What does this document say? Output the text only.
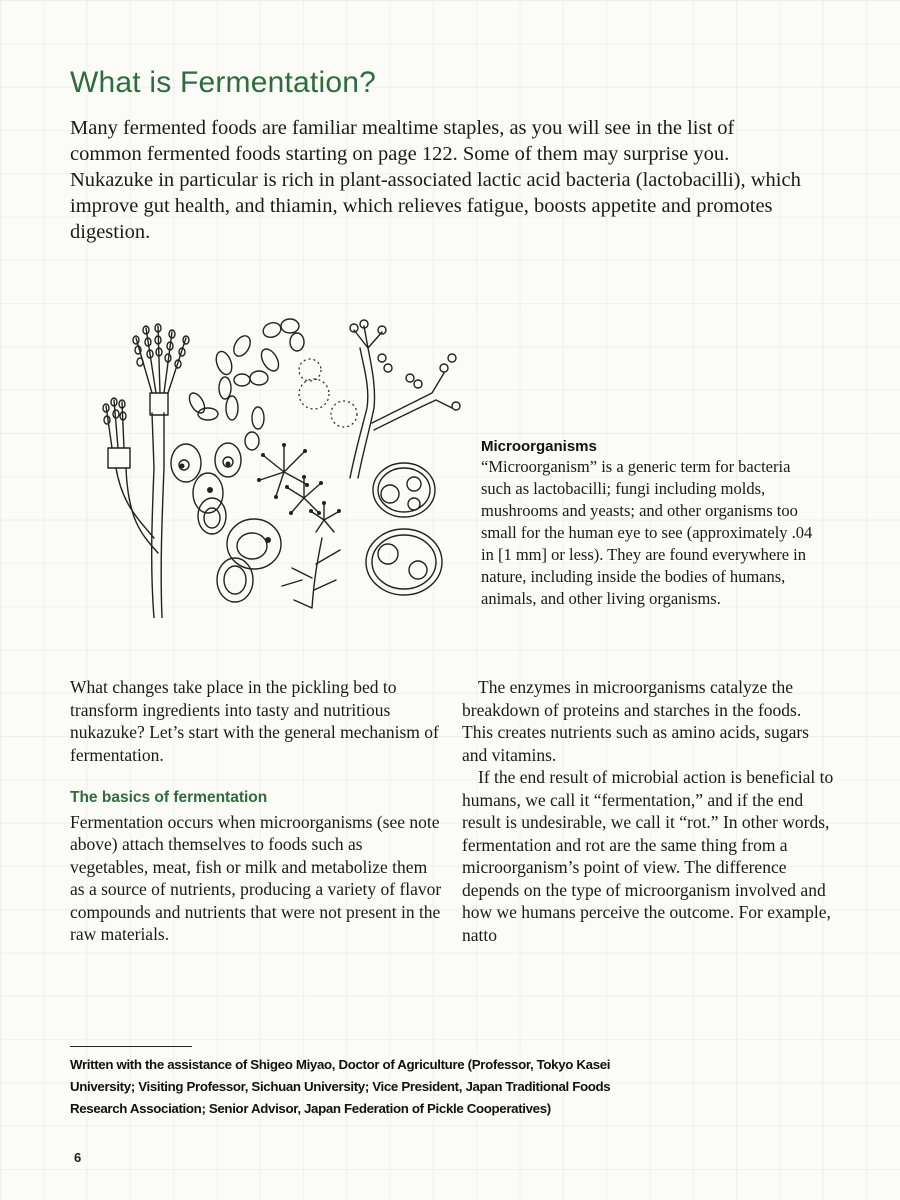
What is Fermentation?

Many fermented foods are familiar mealtime staples, as you will see in the list of common fermented foods starting on page 122. Some of them may surprise you. Nukazuke in particular is rich in plant-associated lactic acid bacteria (lactobacilli), which improve gut health, and thiamin, which relieves fatigue, boosts appetite and promotes digestion.

Microorganisms

“Microorganism” is a generic term for bacteria such as lactobacilli; fungi including molds, mushrooms and yeasts; and other organisms too small for the human eye to see (approximately .04 in [1 mm] or less). They are found everywhere in nature, including inside the bodies of humans, animals, and other living organisms.

What changes take place in the pickling bed to transform ingredients into tasty and nutritious nukazuke? Let’s start with the general mechanism of fermentation.

The basics of fermentation

Fermentation occurs when microorganisms (see note above) attach themselves to foods such as vegetables, meat, fish or milk and metabolize them as a source of nutrients, producing a variety of flavor compounds and nutrients that were not present in the raw materials.

The enzymes in microorganisms catalyze the breakdown of proteins and starches in the foods. This creates nutrients such as amino acids, sugars and vitamins.

If the end result of microbial action is beneficial to humans, we call it “fermentation,” and if the end result is undesirable, we call it “rot.” In other words, fermentation and rot are the same thing from a microorganism’s point of view. The difference depends on the type of microorganism involved and how we humans perceive the outcome. For example, natto

Written with the assistance of Shigeo Miyao, Doctor of Agriculture (Professor, Tokyo Kasei University; Visiting Professor, Sichuan University; Vice President, Japan Traditional Foods Research Association; Senior Advisor, Japan Federation of Pickle Cooperatives)

6
